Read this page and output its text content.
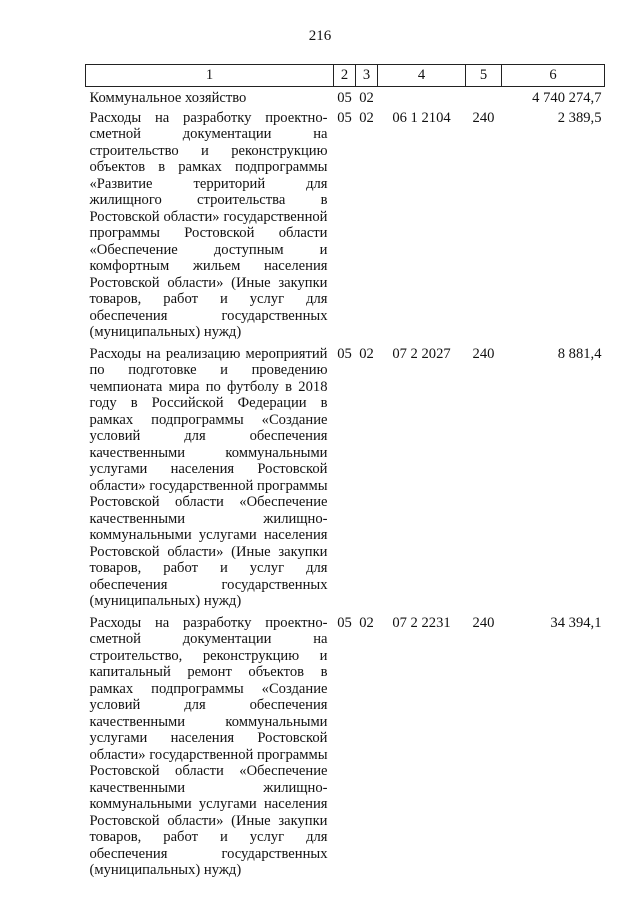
216
1	2	3	4	5	6

Коммунальное хозяйство	05	02			4 740 274,7

Расходы на разработку проектно-сметной документации на строительство и реконструкцию объектов в рамках подпрограммы «Развитие территорий для жилищного строительства в Ростовской области» государственной программы Ростовской области «Обеспечение доступным и комфортным жильем населения Ростовской области» (Иные закупки товаров, работ и услуг для обеспечения государственных (муниципальных) нужд)	05	02	06 1 2104	240	2 389,5

Расходы на реализацию мероприятий по подготовке и проведению чемпионата мира по футболу в 2018 году в Российской Федерации в рамках подпрограммы «Создание условий для обеспечения качественными коммунальными услугами населения Ростовской области» государственной программы Ростовской области «Обеспечение качественными жилищно-коммунальными услугами населения Ростовской области» (Иные закупки товаров, работ и услуг для обеспечения государственных (муниципальных) нужд)	05	02	07 2 2027	240	8 881,4

Расходы на разработку проектно-сметной документации на строительство, реконструкцию и капитальный ремонт объектов в рамках подпрограммы «Создание условий для обеспечения качественными коммунальными услугами населения Ростовской области» государственной программы Ростовской области «Обеспечение качественными жилищно-коммунальными услугами населения Ростовской области» (Иные закупки товаров, работ и услуг для обеспечения государственных (муниципальных) нужд)	05	02	07 2 2231	240	34 394,1
